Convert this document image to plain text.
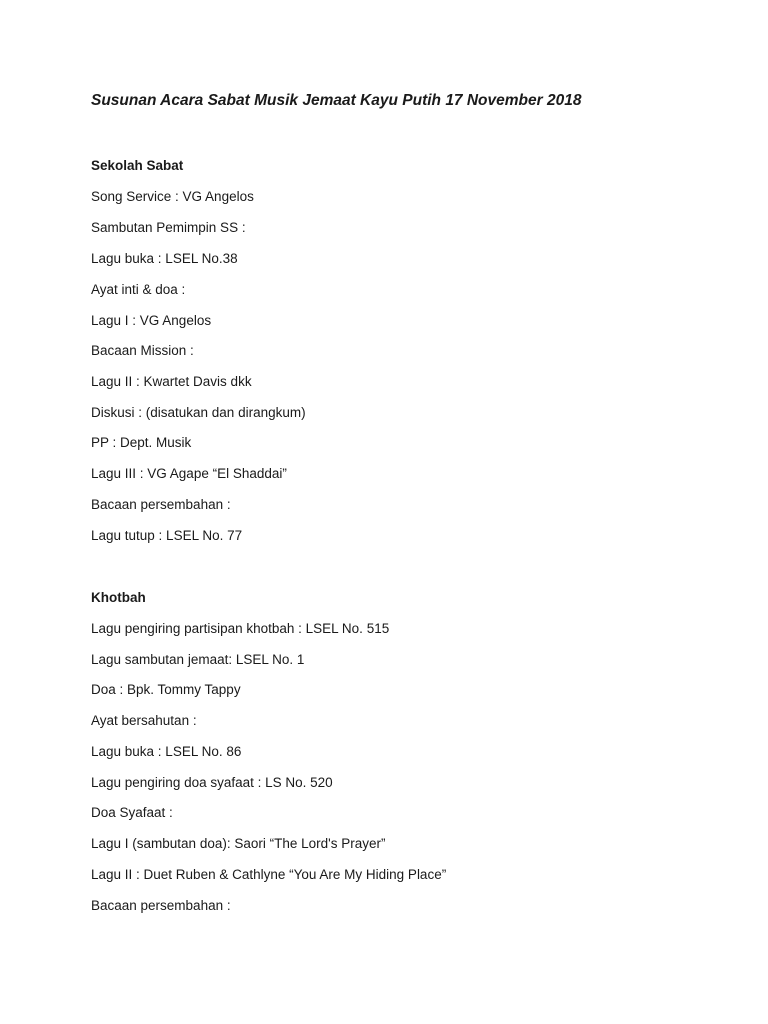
Susunan Acara Sabat Musik Jemaat Kayu Putih 17 November 2018
Sekolah Sabat

Song Service : VG Angelos

Sambutan Pemimpin SS :

Lagu buka : LSEL No.38

Ayat inti & doa :

Lagu I : VG Angelos

Bacaan Mission :

Lagu II : Kwartet Davis dkk

Diskusi : (disatukan dan dirangkum)

PP : Dept. Musik

Lagu III : VG Agape “El Shaddai”

Bacaan persembahan :

Lagu tutup : LSEL No. 77

Khotbah

Lagu pengiring partisipan khotbah : LSEL No. 515

Lagu sambutan jemaat: LSEL No. 1

Doa : Bpk. Tommy Tappy

Ayat bersahutan :

Lagu buka : LSEL No. 86

Lagu pengiring doa syafaat : LS No. 520

Doa Syafaat :

Lagu I (sambutan doa): Saori “The Lord's Prayer”

Lagu II : Duet Ruben & Cathlyne “You Are My Hiding Place”

Bacaan persembahan :
